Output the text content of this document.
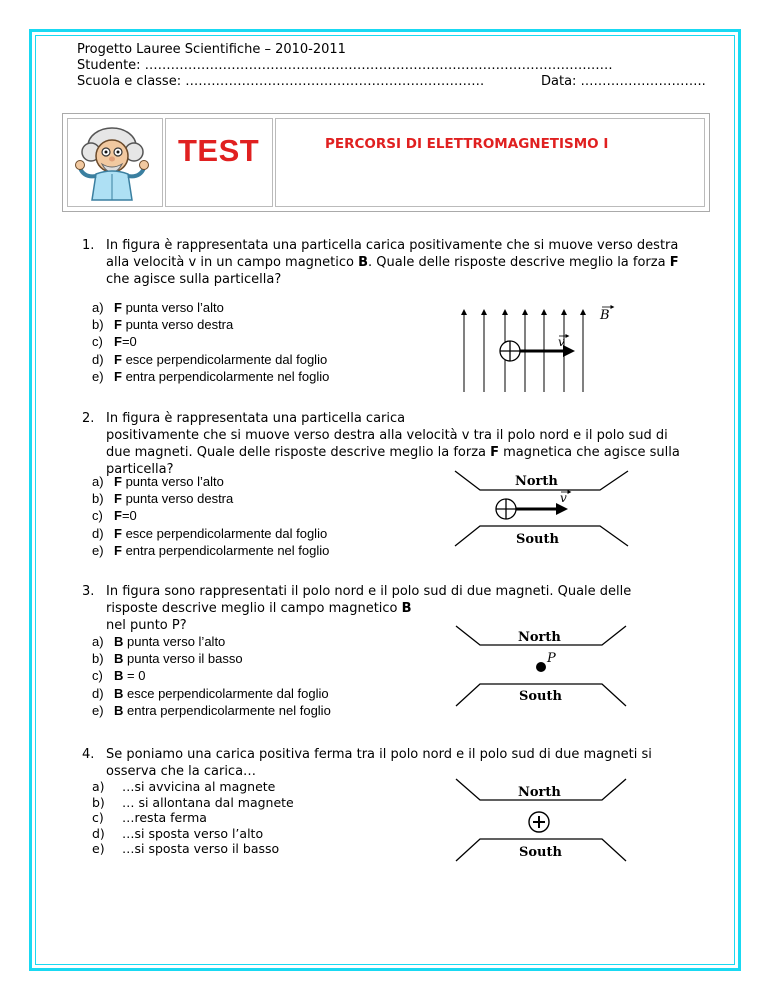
Progetto Lauree Scientifiche – 2010-2011
Studente: ………………………………………………………………………………………………
Scuola e classe: ……………………………………………………………	Data: ………………………..
TEST	PERCORSI DI ELETTROMAGNETISMO I
1. In figura è rappresentata una particella carica positivamente che si muove verso destra
alla velocità v in un campo magnetico B. Quale delle risposte descrive meglio la forza F
che agisce sulla particella?
a) F punta verso l’alto
b) F punta verso destra
c) F=0
d) F esce perpendicolarmente dal foglio
e) F entra perpendicolarmente nel foglio
2. In figura è rappresentata una particella carica
positivamente che si muove verso destra alla velocità v tra il polo nord e il polo sud di
due magneti. Quale delle risposte descrive meglio la forza F magnetica che agisce sulla
particella?
a) F punta verso l’alto
b) F punta verso destra
c) F=0
d) F esce perpendicolarmente dal foglio
e) F entra perpendicolarmente nel foglio
3. In figura sono rappresentati il polo nord e il polo sud di due magneti. Quale delle
risposte descrive meglio il campo magnetico B
nel punto P?
a) B punta verso l’alto
b) B punta verso il basso
c) B = 0
d) B esce perpendicolarmente dal foglio
e) B entra perpendicolarmente nel foglio
4. Se poniamo una carica positiva ferma tra il polo nord e il polo sud di due magneti si
osserva che la carica…
a) …si avvicina al magnete
b) … si allontana dal magnete
c) …resta ferma
d) …si sposta verso l’alto
e) …si sposta verso il basso
B
v
North
South
v
North
South
P
North
South
